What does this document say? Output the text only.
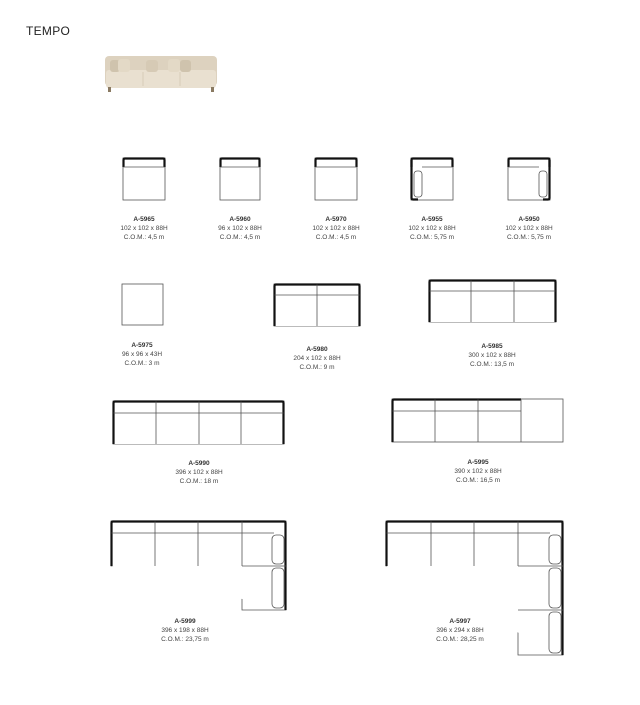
TEMPO
A-5965
102 x 102 x 88H
C.O.M.: 4,5 m
A-5960
96 x 102 x 88H
C.O.M.: 4,5 m
A-5970
102 x 102 x 88H
C.O.M.: 4,5 m
A-5955
102 x 102 x 88H
C.O.M.: 5,75 m
A-5950
102 x 102 x 88H
C.O.M.: 5,75 m
A-5975
96 x 96 x 43H
C.O.M.: 3 m
A-5980
204 x 102 x 88H
C.O.M.: 9 m
A-5985
300 x 102 x 88H
C.O.M.: 13,5 m
A-5990
396 x 102 x 88H
C.O.M.: 18 m
A-5995
390 x 102 x 88H
C.O.M.: 16,5 m
A-5999
396 x 198 x 88H
C.O.M.: 23,75 m
A-5997
396 x 294 x 88H
C.O.M.: 28,25 m
